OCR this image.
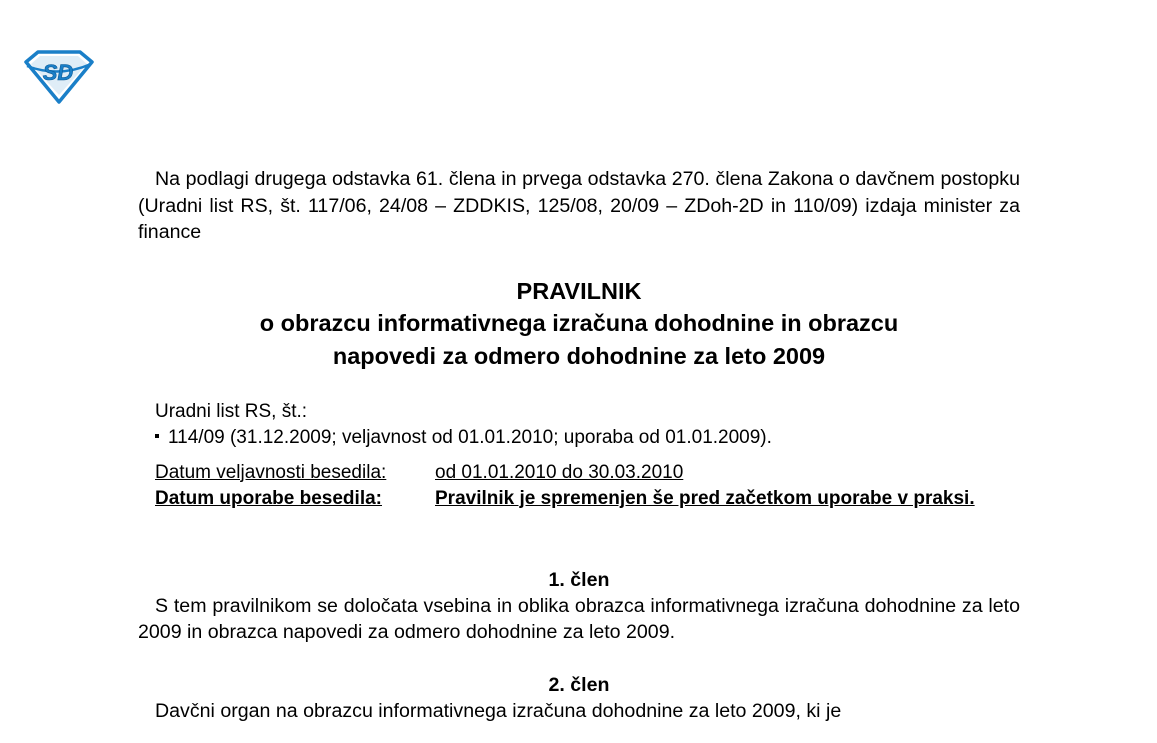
SD

Na podlagi drugega odstavka 61. člena in prvega odstavka 270. člena Zakona o davčnem postopku (Uradni list RS, št. 117/06, 24/08 – ZDDKIS, 125/08, 20/09 – ZDoh-2D in 110/09) izdaja minister za finance

PRAVILNIK
o obrazcu informativnega izračuna dohodnine in obrazcu
napovedi za odmero dohodnine za leto 2009
Uradni list RS, št.:
114/09 (31.12.2009; veljavnost od 01.01.2010; uporaba od 01.01.2009).
Datum veljavnosti besedila:	od 01.01.2010 do 30.03.2010
Datum uporabe besedila:	Pravilnik je spremenjen še pred začetkom uporabe v praksi.
1. člen

S tem pravilnikom se določata vsebina in oblika obrazca informativnega izračuna dohodnine za leto 2009 in obrazca napovedi za odmero dohodnine za leto 2009.

2. člen

Davčni organ na obrazcu informativnega izračuna dohodnine za leto 2009, ki je
